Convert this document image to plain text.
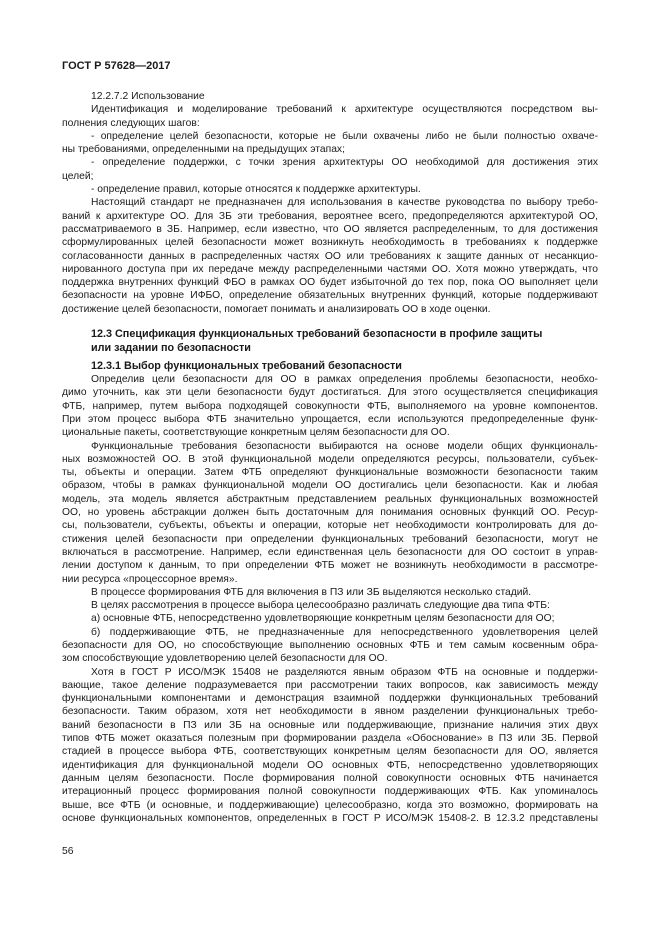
ГОСТ Р 57628—2017
12.2.7.2 Использование
Идентификация и моделирование требований к архитектуре осуществляются посредством вы-
полнения следующих шагов:
- определение целей безопасности, которые не были охвачены либо не были полностью охваче-
ны требованиями, определенными на предыдущих этапах;
- определение поддержки, с точки зрения архитектуры ОО необходимой для достижения этих
целей;
- определение правил, которые относятся к поддержке архитектуры.
Настоящий стандарт не предназначен для использования в качестве руководства по выбору требо-
ваний к архитектуре ОО. Для ЗБ эти требования, вероятнее всего, предопределяются архитектурой ОО,
рассматриваемого в ЗБ. Например, если известно, что ОО является распределенным, то для достижения
сформулированных целей безопасности может возникнуть необходимость в требованиях к поддержке
согласованности данных в распределенных частях ОО или требованиях к защите данных от несанкцио-
нированного доступа при их передаче между распределенными частями ОО. Хотя можно утверждать, что
поддержка внутренних функций ФБО в рамках ОО будет избыточной до тех пор, пока ОО выполняет цели
безопасности на уровне ИФБО, определение обязательных внутренних функций, которые поддерживают
достижение целей безопасности, помогает понимать и анализировать ОО в ходе оценки.
12.3 Спецификация функциональных требований безопасности в профиле защиты
или задании по безопасности
12.3.1 Выбор функциональных требований безопасности
Определив цели безопасности для ОО в рамках определения проблемы безопасности, необхо-
димо уточнить, как эти цели безопасности будут достигаться. Для этого осуществляется спецификация
ФТБ, например, путем выбора подходящей совокупности ФТБ, выполняемого на уровне компонентов.
При этом процесс выбора ФТБ значительно упрощается, если используются предопределенные функ-
циональные пакеты, соответствующие конкретным целям безопасности для ОО.
Функциональные требования безопасности выбираются на основе модели общих функциональ-
ных возможностей ОО. В этой функциональной модели определяются ресурсы, пользователи, субъек-
ты, объекты и операции. Затем ФТБ определяют функциональные возможности безопасности таким
образом, чтобы в рамках функциональной модели ОО достигались цели безопасности. Как и любая
модель, эта модель является абстрактным представлением реальных функциональных возможностей
ОО, но уровень абстракции должен быть достаточным для понимания основных функций ОО. Ресур-
сы, пользователи, субъекты, объекты и операции, которые нет необходимости контролировать для до-
стижения целей безопасности при определении функциональных требований безопасности, могут не
включаться в рассмотрение. Например, если единственная цель безопасности для ОО состоит в управ-
лении доступом к данным, то при определении ФТБ может не возникнуть необходимости в рассмотре-
нии ресурса «процессорное время».
В процессе формирования ФТБ для включения в ПЗ или ЗБ выделяются несколько стадий.
В целях рассмотрения в процессе выбора целесообразно различать следующие два типа ФТБ:
а) основные ФТБ, непосредственно удовлетворяющие конкретным целям безопасности для ОО;
б) поддерживающие ФТБ, не предназначенные для непосредственного удовлетворения целей
безопасности для ОО, но способствующие выполнению основных ФТБ и тем самым косвенным обра-
зом способствующие удовлетворению целей безопасности для ОО.
Хотя в ГОСТ Р ИСО/МЭК 15408 не разделяются явным образом ФТБ на основные и поддержи-
вающие, такое деление подразумевается при рассмотрении таких вопросов, как зависимость между
функциональными компонентами и демонстрация взаимной поддержки функциональных требований
безопасности. Таким образом, хотя нет необходимости в явном разделении функциональных требо-
ваний безопасности в ПЗ или ЗБ на основные или поддерживающие, признание наличия этих двух
типов ФТБ может оказаться полезным при формировании раздела «Обоснование» в ПЗ или ЗБ. Первой
стадией в процессе выбора ФТБ, соответствующих конкретным целям безопасности для ОО, является
идентификация для функциональной модели ОО основных ФТБ, непосредственно удовлетворяющих
данным целям безопасности. После формирования полной совокупности основных ФТБ начинается
итерационный процесс формирования полной совокупности поддерживающих ФТБ. Как упоминалось
выше, все ФТБ (и основные, и поддерживающие) целесообразно, когда это возможно, формировать на
основе функциональных компонентов, определенных в ГОСТ Р ИСО/МЭК 15408-2. В 12.3.2 представлены
56
